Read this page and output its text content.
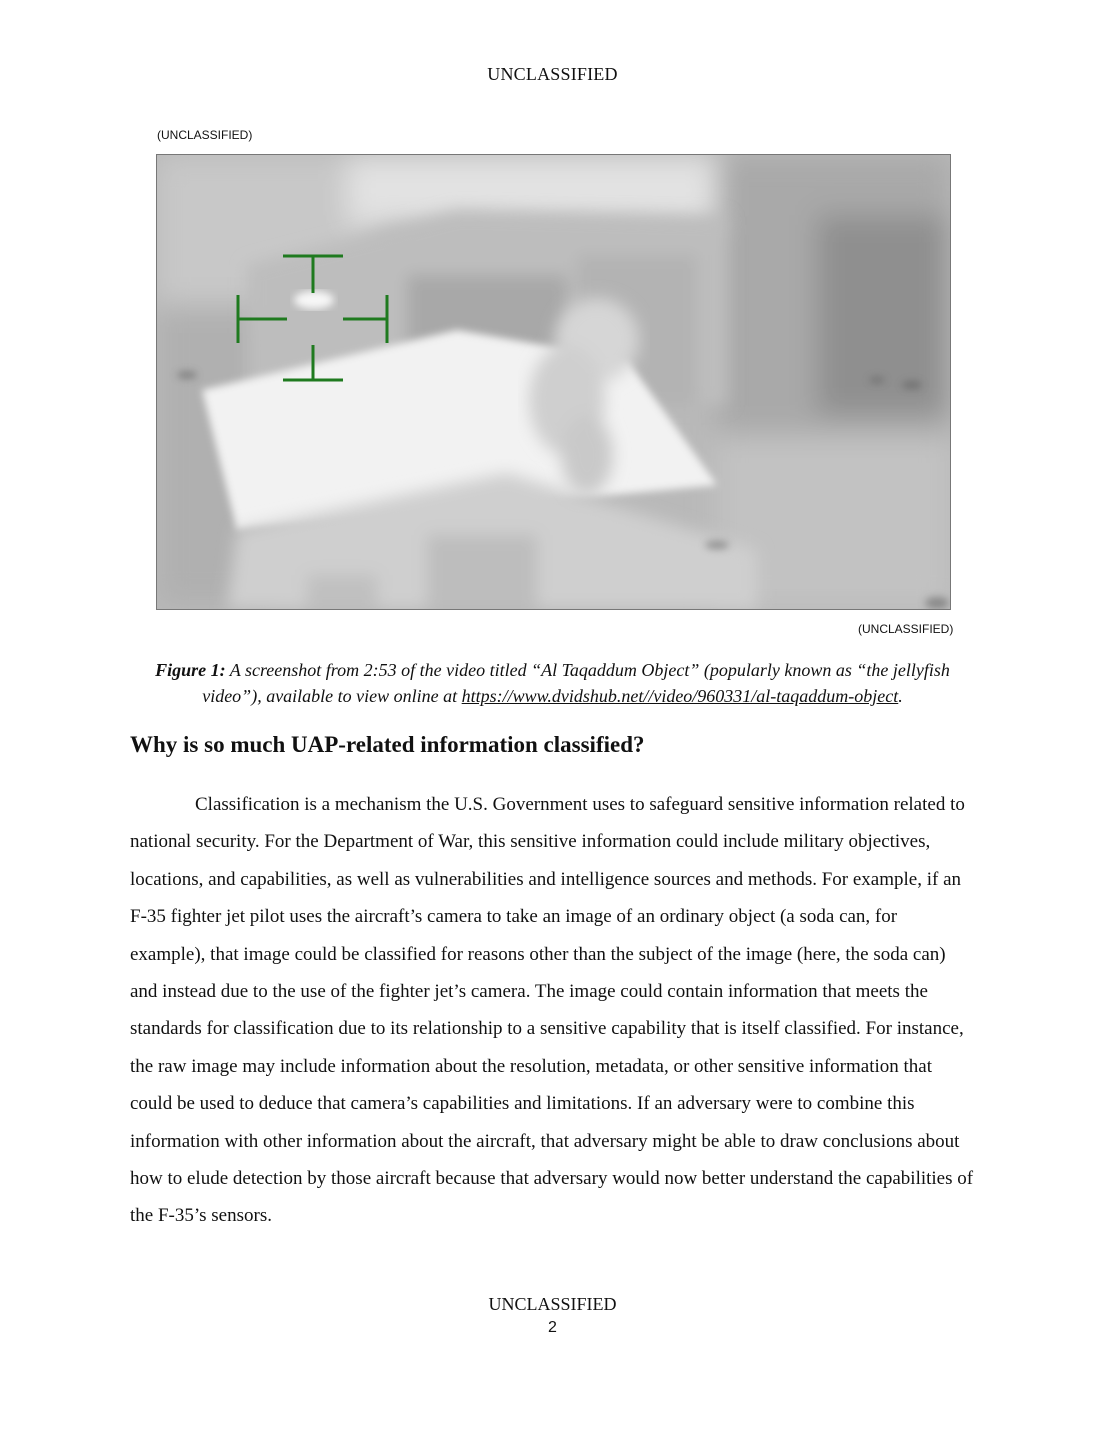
UNCLASSIFIED
(UNCLASSIFIED)
(UNCLASSIFIED)
Figure 1: A screenshot from 2:53 of the video titled “Al Taqaddum Object” (popularly known as “the jellyfish video”), available to view online at https://www.dvidshub.net//video/960331/al-taqaddum-object.
Why is so much UAP-related information classified?

Classification is a mechanism the U.S. Government uses to safeguard sensitive information related to national security. For the Department of War, this sensitive information could include military objectives, locations, and capabilities, as well as vulnerabilities and intelligence sources and methods. For example, if an F-35 fighter jet pilot uses the aircraft’s camera to take an image of an ordinary object (a soda can, for example), that image could be classified for reasons other than the subject of the image (here, the soda can) and instead due to the use of the fighter jet’s camera. The image could contain information that meets the standards for classification due to its relationship to a sensitive capability that is itself classified. For instance, the raw image may include information about the resolution, metadata, or other sensitive information that could be used to deduce that camera’s capabilities and limitations. If an adversary were to combine this information with other information about the aircraft, that adversary might be able to draw conclusions about how to elude detection by those aircraft because that adversary would now better understand the capabilities of the F-35’s sensors.

UNCLASSIFIED
2
